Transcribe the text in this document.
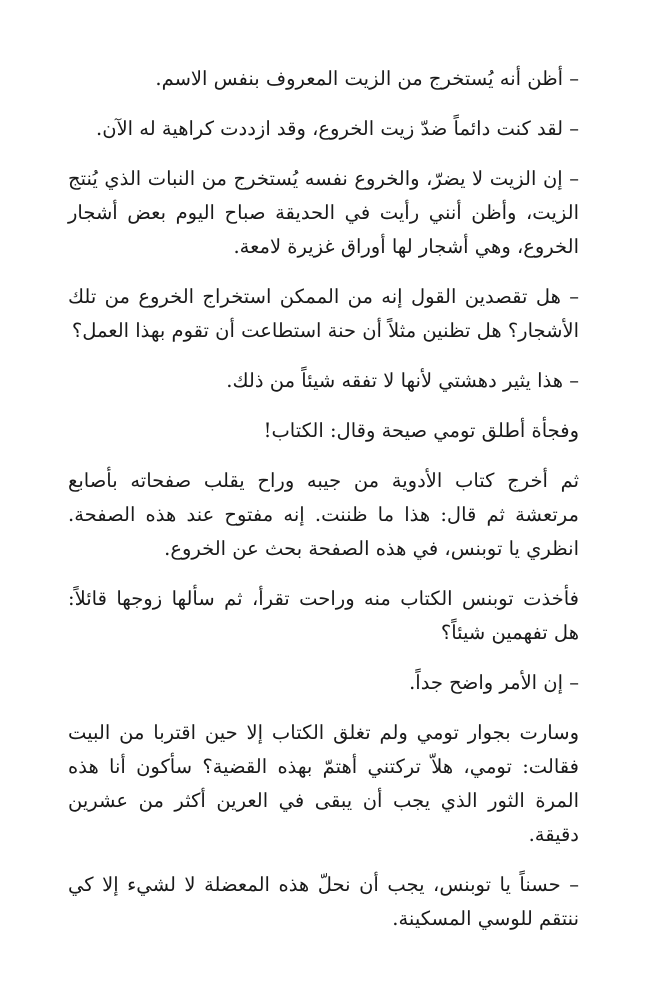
– أظن أنه يُستخرج من الزيت المعروف بنفس الاسم.

– لقد كنت دائماً ضدّ زيت الخروع، وقد ازددت كراهية له الآن.

– إن الزيت لا يضرّ، والخروع نفسه يُستخرج من النبات الذي يُنتج الزيت، وأظن أنني رأيت في الحديقة صباح اليوم بعض أشجار الخروع، وهي أشجار لها أوراق غزيرة لامعة.

– هل تقصدين القول إنه من الممكن استخراج الخروع من تلك الأشجار؟ هل تظنين مثلاً أن حنة استطاعت أن تقوم بهذا العمل؟

– هذا يثير دهشتي لأنها لا تفقه شيئاً من ذلك.

وفجأة أطلق تومي صيحة وقال: الكتاب!

ثم أخرج كتاب الأدوية من جيبه وراح يقلب صفحاته بأصابع مرتعشة ثم قال: هذا ما ظننت. إنه مفتوح عند هذه الصفحة. انظري يا توبنس، في هذه الصفحة بحث عن الخروع.

فأخذت توبنس الكتاب منه وراحت تقرأ، ثم سألها زوجها قائلاً: هل تفهمين شيئاً؟

– إن الأمر واضح جداً.

وسارت بجوار تومي ولم تغلق الكتاب إلا حين اقتربا من البيت فقالت: تومي، هلاّ تركتني أهتمّ بهذه القضية؟ سأكون أنا هذه المرة الثور الذي يجب أن يبقى في العرين أكثر من عشرين دقيقة.

– حسناً يا توبنس، يجب أن نحلّ هذه المعضلة لا لشيء إلا كي ننتقم للوسي المسكينة.
